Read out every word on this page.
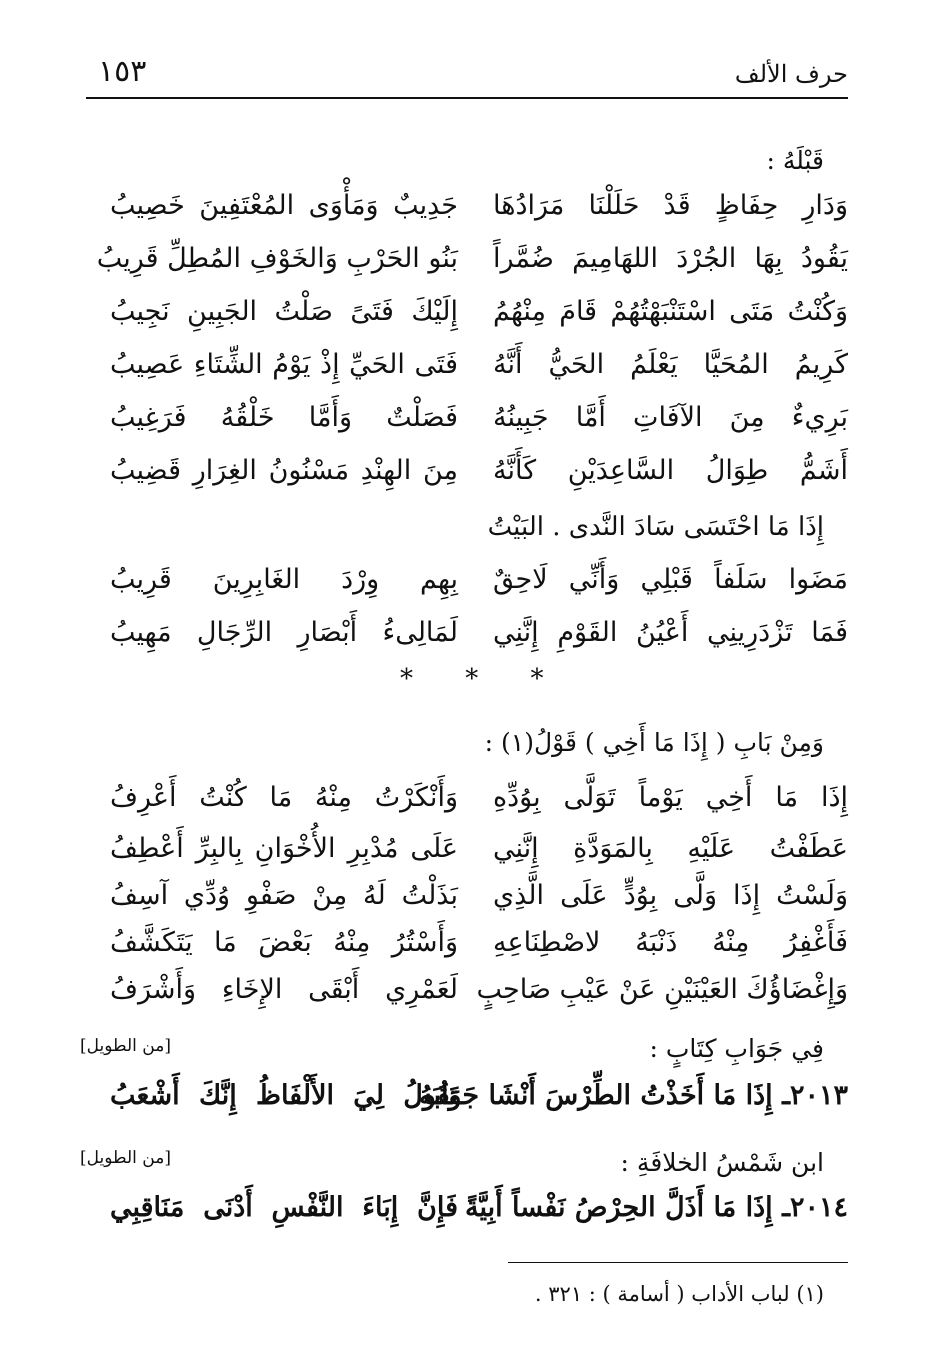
١٥٣	حرف الألف
قَبْلَهُ :
وَدَارِ حِفَاظٍ قَدْ حَلَلْنَا مَرَادُهَا
جَدِيبٌ وَمَأْوَى المُعْتَفِينَ خَصِيبُ
يَقُودُ بِهَا الجُرْدَ اللهَامِيمَ ضُمَّراً
بَنُو الحَرْبِ وَالخَوْفِ المُطِلِّ قَرِيبُ
وَكُنْتُ مَتَى اسْتَنْبَهْتُهُمْ قَامَ مِنْهُمُ
إِلَيْكَ فَتَىً صَلْتُ الجَبِينِ نَجِيبُ
كَرِيمُ المُحَيَّا يَعْلَمُ الحَيُّ أَنَّهُ
فَتَى الحَيِّ إِذْ يَوْمُ الشِّتَاءِ عَصِيبُ
بَرِيءٌ مِنَ الآفَاتِ أَمَّا جَبِينُهُ
فَصَلْتٌ وَأَمَّا خَلْقُهُ فَرَغِيبُ
أَشَمُّ طِوَالُ السَّاعِدَيْنِ كَأَنَّهُ
مِنَ الهِنْدِ مَسْنُونُ الغِرَارِ قَضِيبُ
إِذَا مَا احْتَسَى سَادَ النَّدى . البَيْتُ
مَضَوا سَلَفاً قَبْلِي وَأَنِّي لَاحِقٌ
بِهِم وِرْدَ الغَابِرِينَ قَرِيبُ
فَمَا تَزْدَرِينِي أَعْيُنُ القَوْمِ إِنَّنِي
لَمَالِىءُ أَبْصَارِ الرِّجَالِ مَهِيبُ
* * *
وَمِنْ بَابِ ( إِذَا مَا أَخِي ) قَوْلُ(١) :
إِذَا مَا أَخِي يَوْماً تَوَلَّى بِوُدِّهِ
وَأَنْكَرْتُ مِنْهُ مَا كُنْتُ أَعْرِفُ
عَطَفْتُ عَلَيْهِ بِالمَوَدَّةِ إِنَّنِي
عَلَى مُدْبِرِ الأُخْوَانِ بِالبِرِّ أَعْطِفُ
وَلَسْتُ إِذَا وَلَّى بِوُدٍّ عَلَى الَّذِي
بَذَلْتُ لَهُ مِنْ صَفْوِ وُدِّي آسِفُ
فَأَغْفِرُ مِنْهُ ذَنْبَهُ لاصْطِنَاعِهِ
وَأَسْتُرُ مِنْهُ بَعْضَ مَا يَتَكَشَّفُ
وَإِغْضَاؤُكَ العَيْنَيْنِ عَنْ عَيْبِ صَاحِبٍ
لَعَمْرِي أَبْقَى الإِخَاءِ وَأَشْرَفُ
فِي جَوَابِ كِتَابٍ :
[من الطويل]
٢٠١٣ـ إِذَا مَا أَخَذْتُ الطِّرْسَ أَنْشَا جَوَابَهُ
تَقُولُ لِيَ الأَلْفَاظُ إِنَّكَ أَشْعَبُ
ابن شَمْسُ الخلافَةِ :
[من الطويل]
٢٠١٤ـ إِذَا مَا أَذَلَّ الحِرْصُ نَفْساً أَبِيَّةً
فَإِنَّ إِبَاءَ النَّفْسِ أَدْنَى مَنَاقِبِي
(١) لباب الأداب ( أسامة ) : ٣٢١ .
